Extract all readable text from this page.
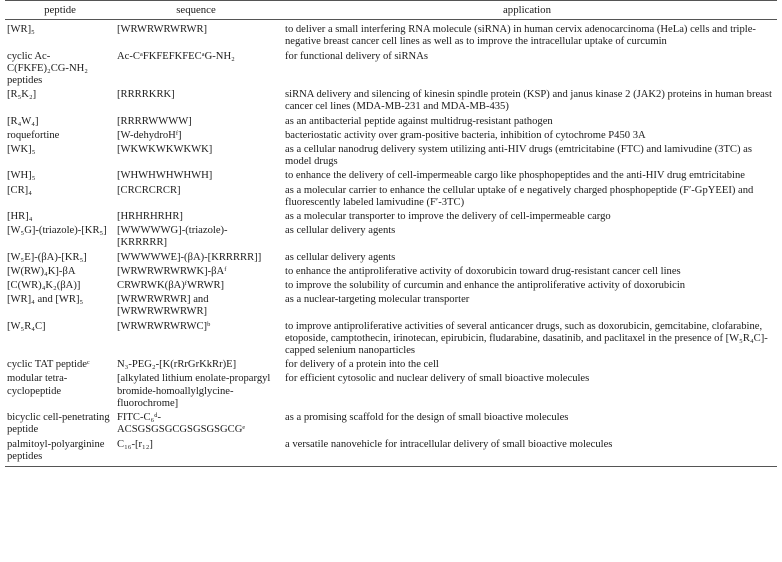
peptide	sequence	application
[WR]₅	[WRWRWRWRWR]	to deliver a small interfering RNA molecule (siRNA) in human cervix adenocarcinoma (HeLa) cells and triple-negative breast cancer cell lines as well as to improve the intracellular uptake of curcumin
cyclic Ac-C(FKFE)₂CG-NH₂ peptides	Ac-CᵃFKFEFKFECᵃG-NH₂	for functional delivery of siRNAs
[R₅K₂]	[RRRRKRK]	siRNA delivery and silencing of kinesin spindle protein (KSP) and janus kinase 2 (JAK2) proteins in human breast cancer cel lines (MDA-MB-231 and MDA-MB-435)
[R₄W₄]	[RRRRWWWW]	as an antibacterial peptide against multidrug-resistant pathogen
roquefortine	[W-dehydroHᶠ]	bacteriostatic activity over gram-positive bacteria, inhibition of cytochrome P450 3A
[WK]₅	[WKWKWKWKWK]	as a cellular nanodrug delivery system utilizing anti-HIV drugs (emtricitabine (FTC) and lamivudine (3TC) as model drugs
[WH]₅	[WHWHWHWHWH]	to enhance the delivery of cell-impermeable cargo like phosphopeptides and the anti-HIV drug emtricitabine
[CR]₄	[CRCRCRCR]	as a molecular carrier to enhance the cellular uptake of e negatively charged phosphopeptide (F′-GpYEEI) and fluorescently labeled lamivudine (F′-3TC)
[HR]₄	[HRHRHRHR]	as a molecular transporter to improve the delivery of cell-impermeable cargo
[W₅G]-(triazole)-[KR₅]	[WWWWWG]-(triazole)-[KRRRRR]	as cellular delivery agents
[W₅E]-(βA)-[KR₅]	[WWWWWE]-(βA)-[KRRRRR]]	as cellular delivery agents
[W(RW)₄K]-βA	[WRWRWRWRWK]-βAᶠ	to enhance the antiproliferative activity of doxorubicin toward drug-resistant cancer cell lines
[C(WR)₄K₂(βA)]	CRWRWK(βA)ᶠWRWR]	to improve the solubility of curcumin and enhance the antiproliferative activity of doxorubicin
[WR]₄ and [WR]₅	[WRWRWRWR] and [WRWRWRWRWR]	as a nuclear-targeting molecular transporter
[W₅R₄C]	[WRWRWRWRWC]ᵇ	to improve antiproliferative activities of several anticancer drugs, such as doxorubicin, gemcitabine, clofarabine, etoposide, camptothecin, irinotecan, epirubicin, fludarabine, dasatinib, and paclitaxel in the presence of [W₅R₄C]-capped selenium nanoparticles
cyclic TAT peptideᶜ	N₃-PEG₂-[K(rRrGrKkRr)E]	for delivery of a protein into the cell
modular tetra-cyclopeptide	[alkylated lithium enolate-propargyl bromide-homoallylglycine-fluorochrome]	for efficient cytosolic and nuclear delivery of small bioactive molecules
bicyclic cell-penetrating peptide	FITC-C₆ᵈ-ACSGSGSGCGSGSGSGCGᵉ	as a promising scaffold for the design of small bioactive molecules
palmitoyl-polyarginine peptides	C₁₆-[r₁₂]	a versatile nanovehicle for intracellular delivery of small bioactive molecules
